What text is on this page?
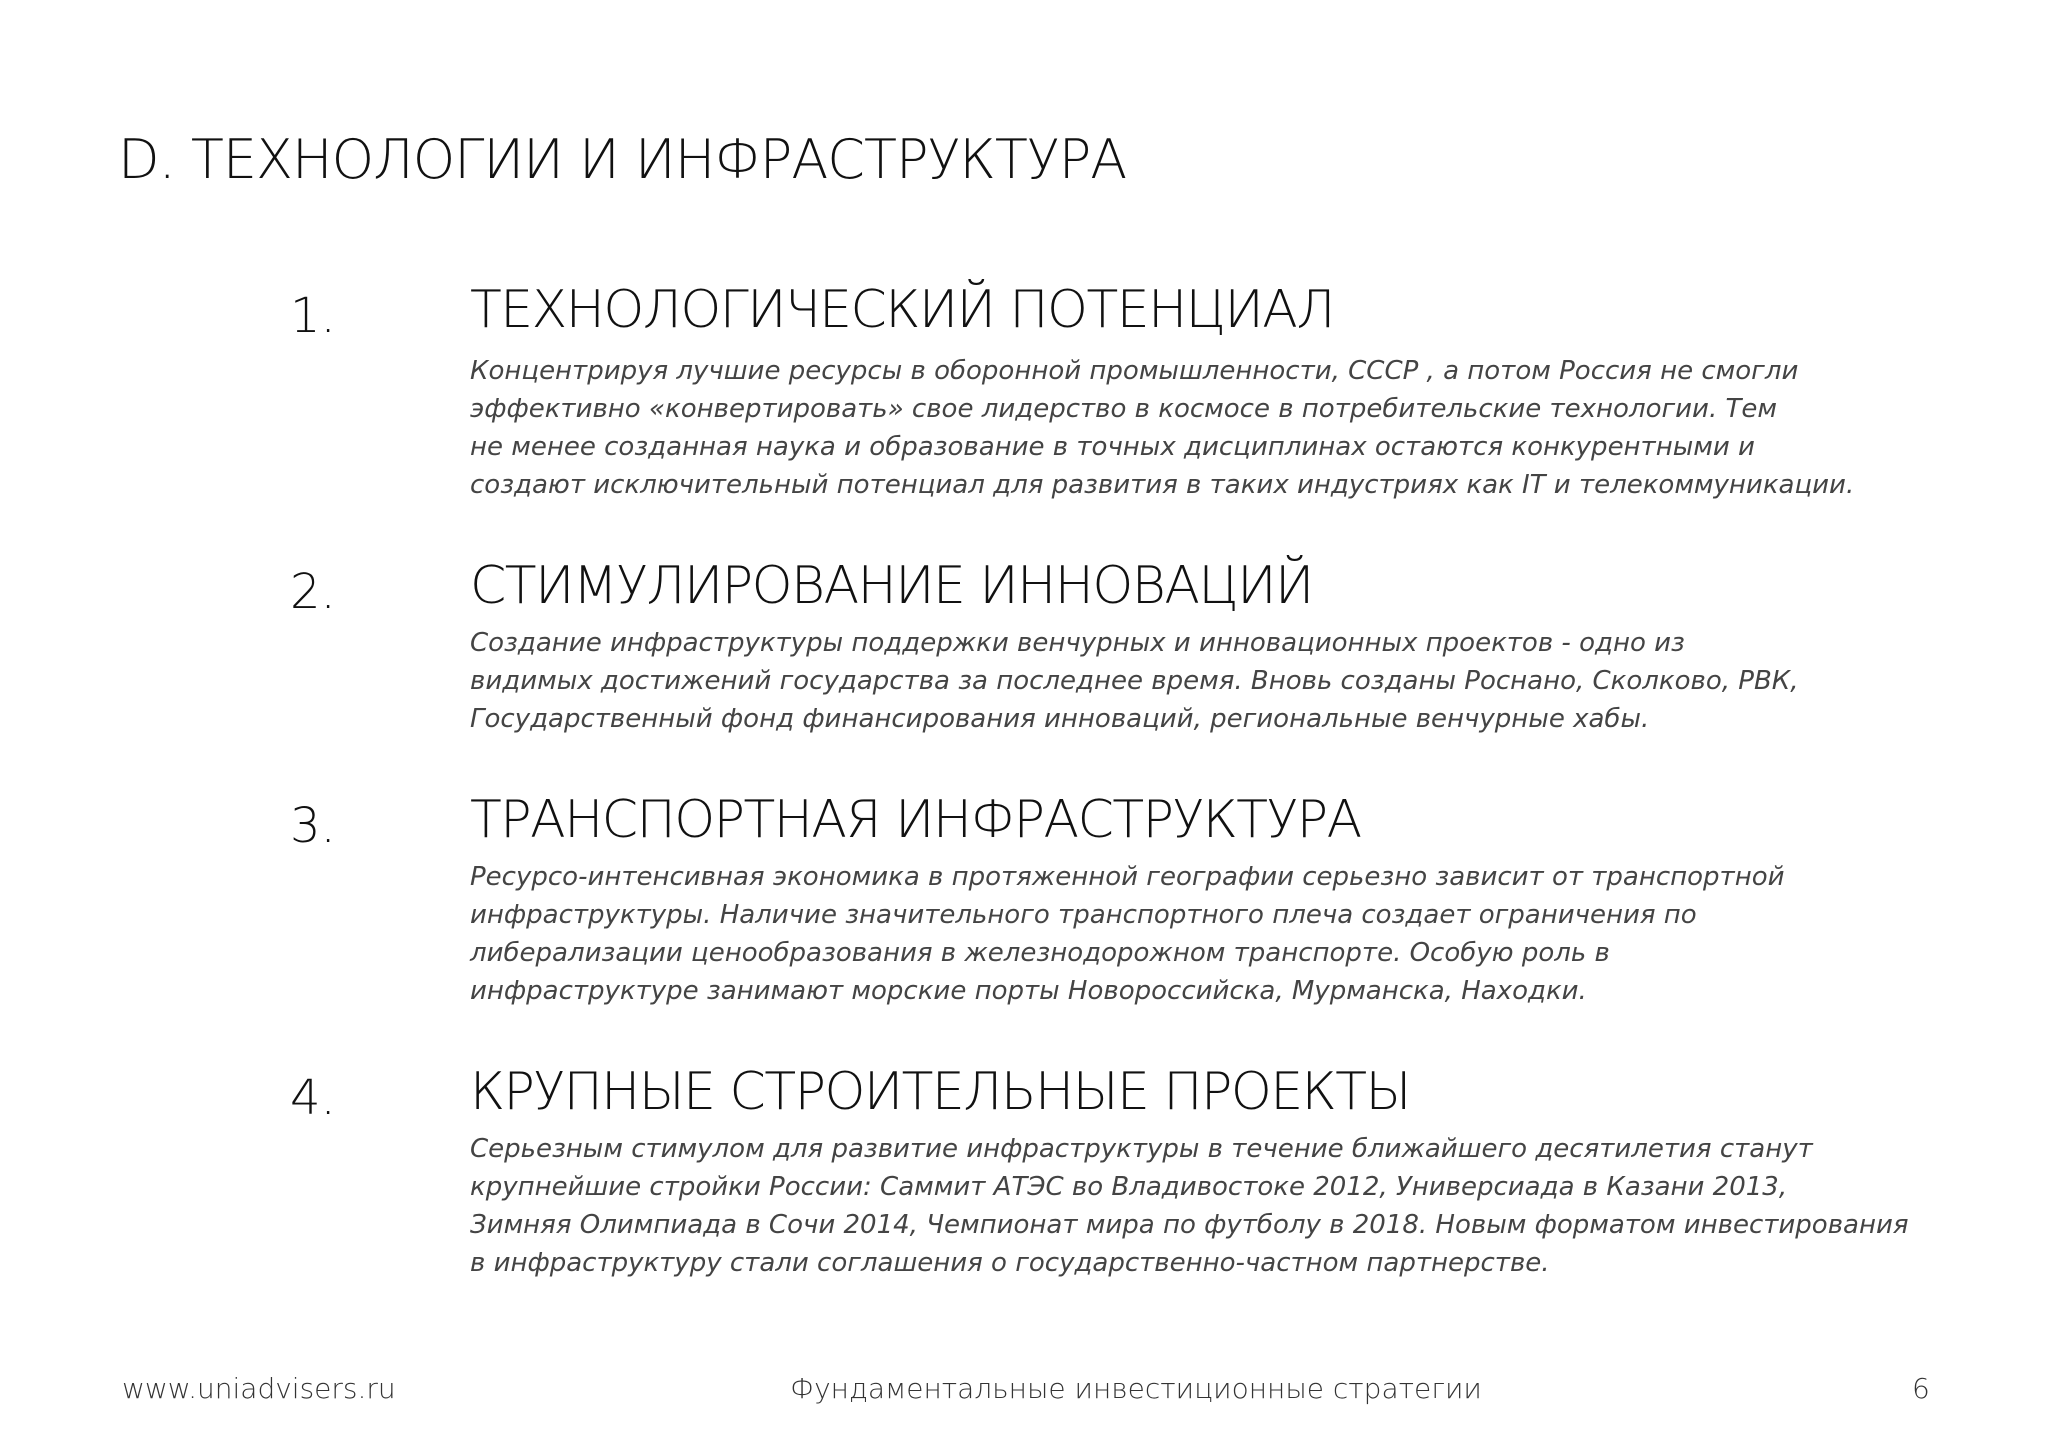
D. ТЕХНОЛОГИИ И ИНФРАСТРУКТУРА
1.	ТЕХНОЛОГИЧЕСКИЙ ПОТЕНЦИАЛ
Концентрируя лучшие ресурсы в оборонной промышленности, СССР , а потом Россия не смогли
эффективно «конвертировать» свое лидерство в космосе в потребительские технологии. Тем
не менее созданная наука и образование в точных дисциплинах остаются конкурентными и
создают исключительный потенциал для развития в таких индустриях как IT и телекоммуникации.
2.	СТИМУЛИРОВАНИЕ ИННОВАЦИЙ
Создание инфраструктуры поддержки венчурных и инновационных проектов - одно из
видимых достижений государства за последнее время. Вновь созданы Роснано, Сколково, РВК,
Государственный фонд финансирования инноваций, региональные венчурные хабы.
3.	ТРАНСПОРТНАЯ ИНФРАСТРУКТУРА
Ресурсо-интенсивная экономика в протяженной географии серьезно зависит от транспортной
инфраструктуры. Наличие значительного транспортного плеча создает ограничения по
либерализации ценообразования в железнодорожном транспорте. Особую роль в
инфраструктуре занимают морские порты Новороссийска, Мурманска, Находки.
4.	КРУПНЫЕ СТРОИТЕЛЬНЫЕ ПРОЕКТЫ
Серьезным стимулом для развитие инфраструктуры в течение ближайшего десятилетия станут
крупнейшие стройки России: Саммит АТЭС во Владивостоке 2012, Универсиада в Казани 2013,
Зимняя Олимпиада в Сочи 2014, Чемпионат мира по футболу в 2018. Новым форматом инвестирования
в инфраструктуру стали соглашения о государственно-частном партнерстве.
www.uniadvisers.ru	Фундаментальные инвестиционные стратегии	6
